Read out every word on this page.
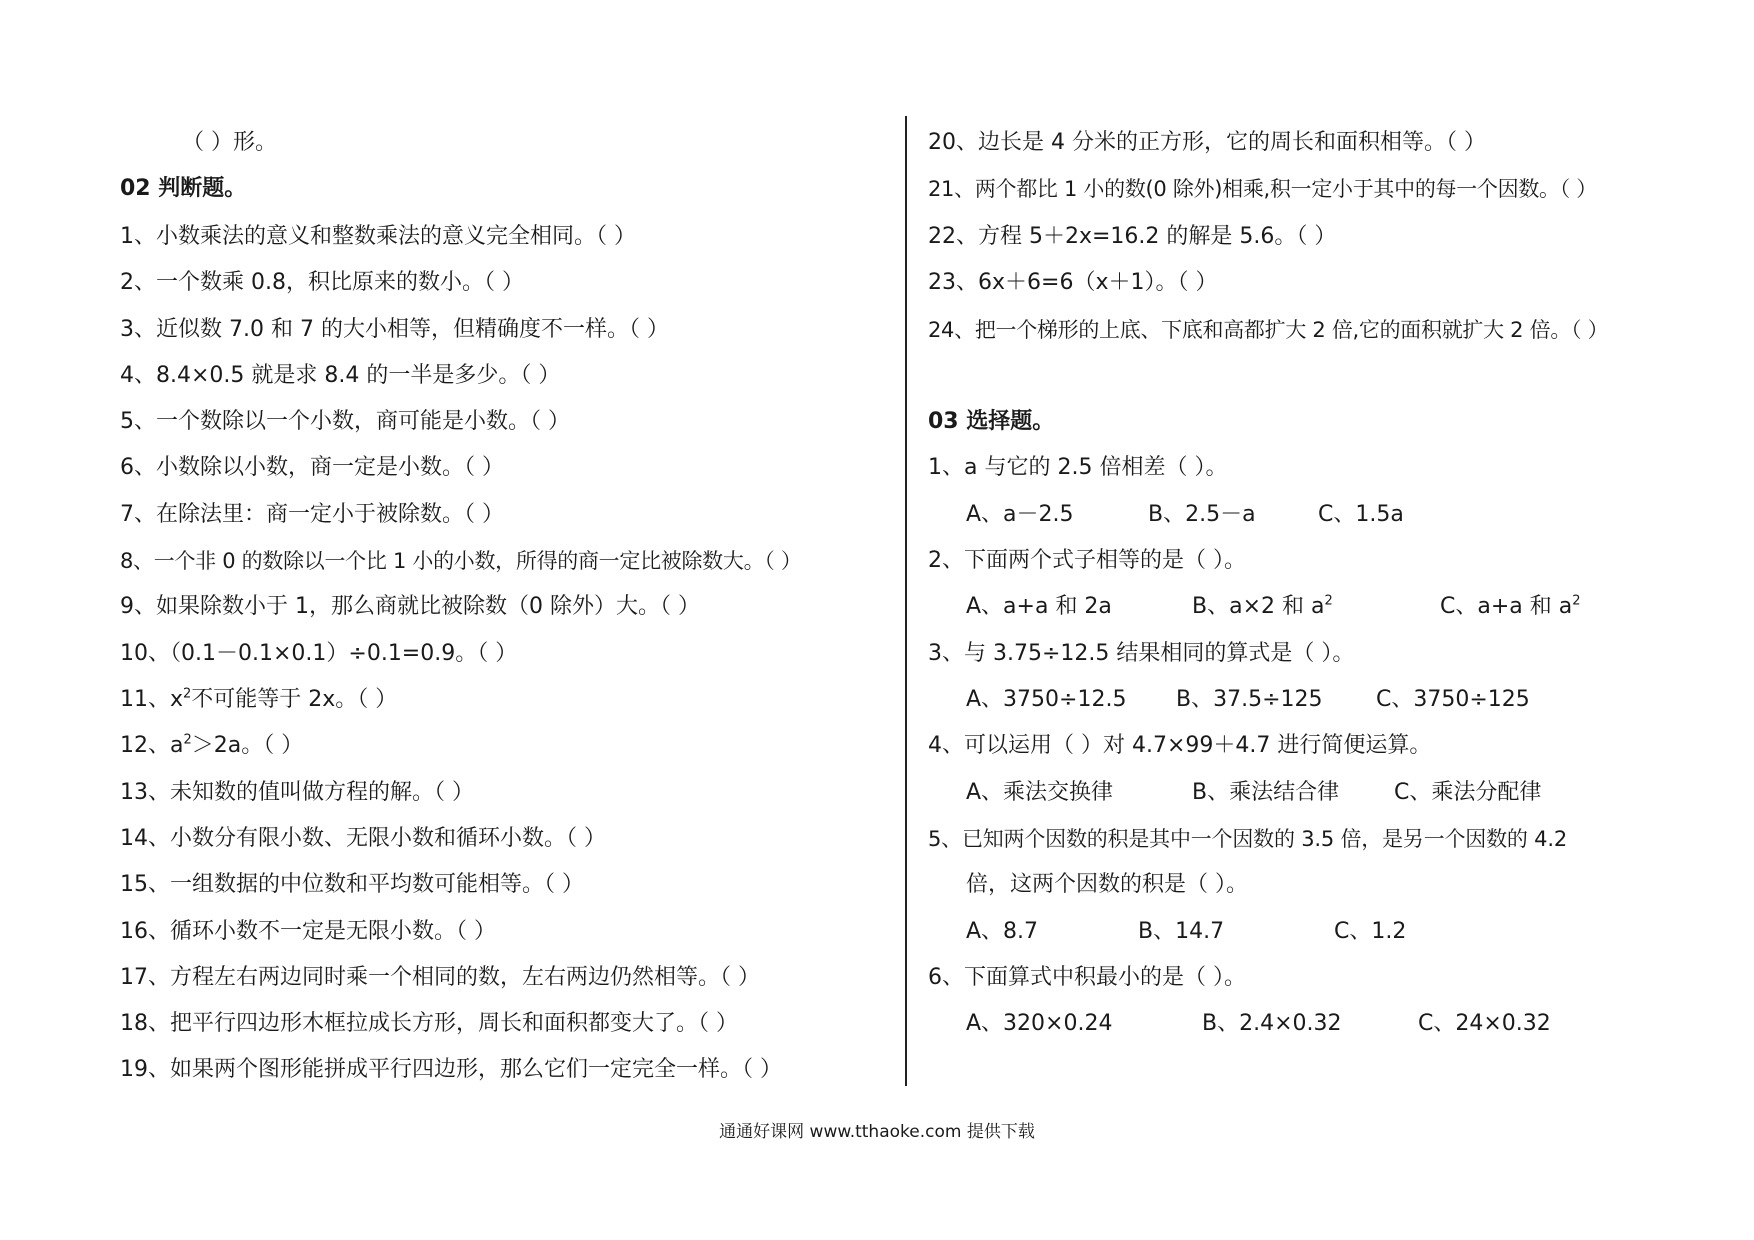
（ ）形。
02 判断题。
1、小数乘法的意义和整数乘法的意义完全相同。（ ）
2、一个数乘 0.8，积比原来的数小。（ ）
3、近似数 7.0 和 7 的大小相等，但精确度不一样。（ ）
4、8.4×0.5 就是求 8.4 的一半是多少。（ ）
5、一个数除以一个小数，商可能是小数。（ ）
6、小数除以小数，商一定是小数。（ ）
7、在除法里：商一定小于被除数。（ ）
8、一个非 0 的数除以一个比 1 小的小数，所得的商一定比被除数大。（ ）
9、如果除数小于 1，那么商就比被除数（0 除外）大。（ ）
10、（0.1－0.1×0.1）÷0.1=0.9。（ ）
11、$x^2$不可能等于 2x。（ ）
12、$a^2>2a$。（ ）
13、未知数的值叫做方程的解。（ ）
14、小数分有限小数、无限小数和循环小数。（ ）
15、一组数据的中位数和平均数可能相等。（ ）
16、循环小数不一定是无限小数。（ ）
17、方程左右两边同时乘一个相同的数，左右两边仍然相等。（ ）
18、把平行四边形木框拉成长方形，周长和面积都变大了。（ ）
19、如果两个图形能拼成平行四边形，那么它们一定完全一样。（ ）
20、边长是 4 分米的正方形，它的周长和面积相等。（ ）
21、两个都比 1 小的数(0 除外)相乘,积一定小于其中的每一个因数。（ ）
22、方程 5＋2x=16.2 的解是 5.6。（ ）
23、6x＋6=6（x＋1）。（ ）
24、把一个梯形的上底、下底和高都扩大 2 倍,它的面积就扩大 2 倍。（ ）
03 选择题。
1、a 与它的 2.5 倍相差（ ）。
A、a－2.5	B、2.5－a	C、1.5a
2、下面两个式子相等的是（ ）。
A、a+a 和 2a	B、a×2 和 $a^2$	C、a+a 和 $a^2$
3、与 3.75÷12.5 结果相同的算式是（ ）。
A、3750÷12.5 B、37.5÷125 C、3750÷125
4、可以运用（ ）对 4.7×99＋4.7 进行简便运算。
A、乘法交换律	B、乘法结合律 C、乘法分配律
5、已知两个因数的积是其中一个因数的 3.5 倍，是另一个因数的 4.2
倍，这两个因数的积是（ ）。
A、8.7	B、14.7	C、1.2
6、下面算式中积最小的是（ ）。
A、320×0.24	B、2.4×0.32	C、24×0.32
通通好课网 www.tthaoke.com 提供下载
